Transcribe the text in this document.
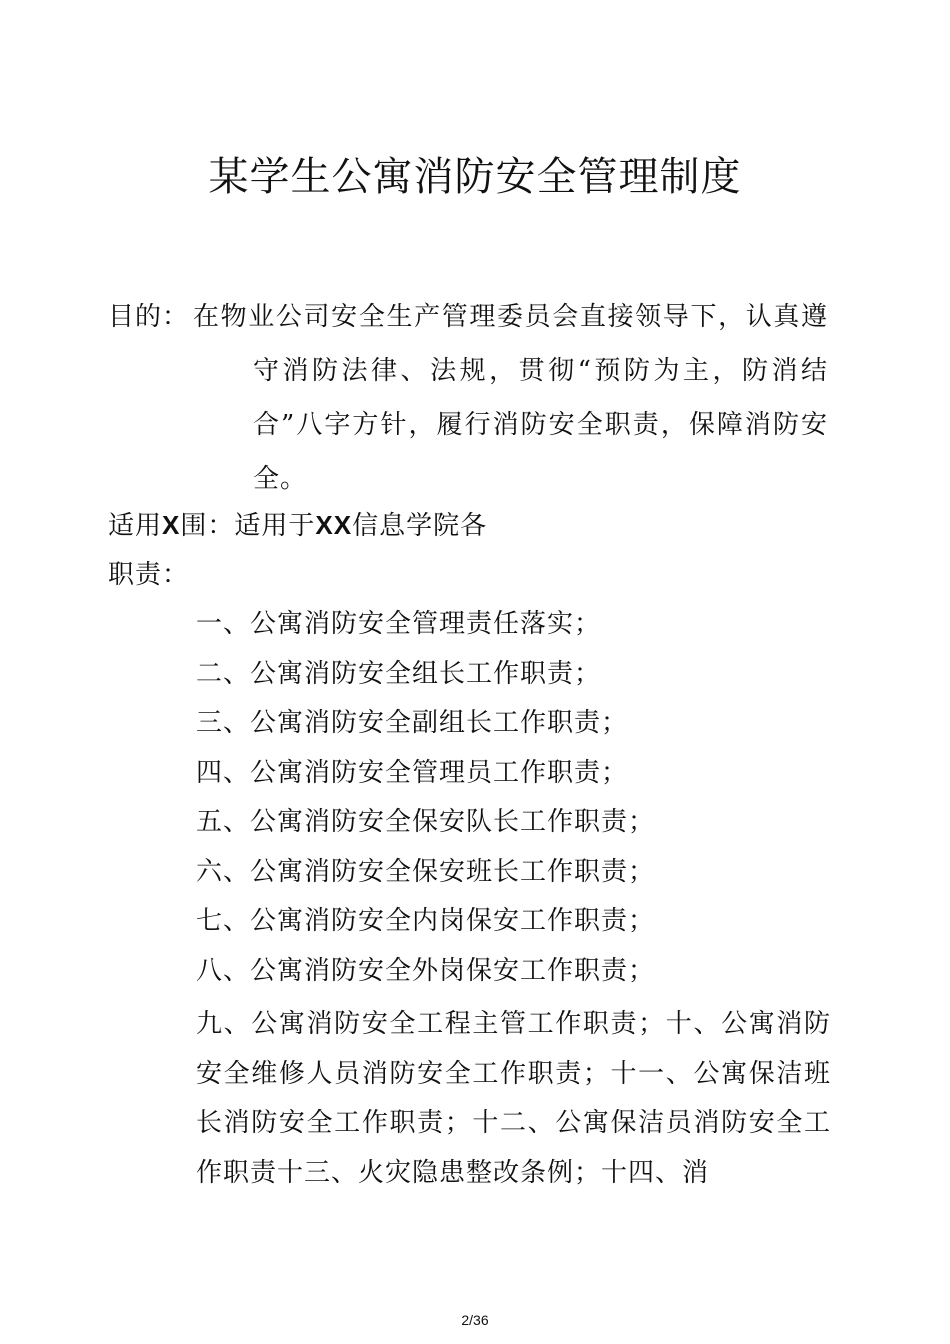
某学生公寓消防安全管理制度
目的： 在物业公司安全生产管理委员会直接领导下，认真遵守消防法律、法规，贯彻“预防为主，防消结合”八字方针，履行消防安全职责，保障消防安全。
适用X围：适用于XX信息学院各
职责：
一、公寓消防安全管理责任落实；
二、公寓消防安全组长工作职责；
三、公寓消防安全副组长工作职责；
四、公寓消防安全管理员工作职责；
五、公寓消防安全保安队长工作职责；
六、公寓消防安全保安班长工作职责；
七、公寓消防安全内岗保安工作职责；
八、公寓消防安全外岗保安工作职责；
九、公寓消防安全工程主管工作职责；十、公寓消防安全维修人员消防安全工作职责；十一、公寓保洁班长消防安全工作职责；十二、公寓保洁员消防安全工作职责十三、火灾隐患整改条例；十四、消
2/36
